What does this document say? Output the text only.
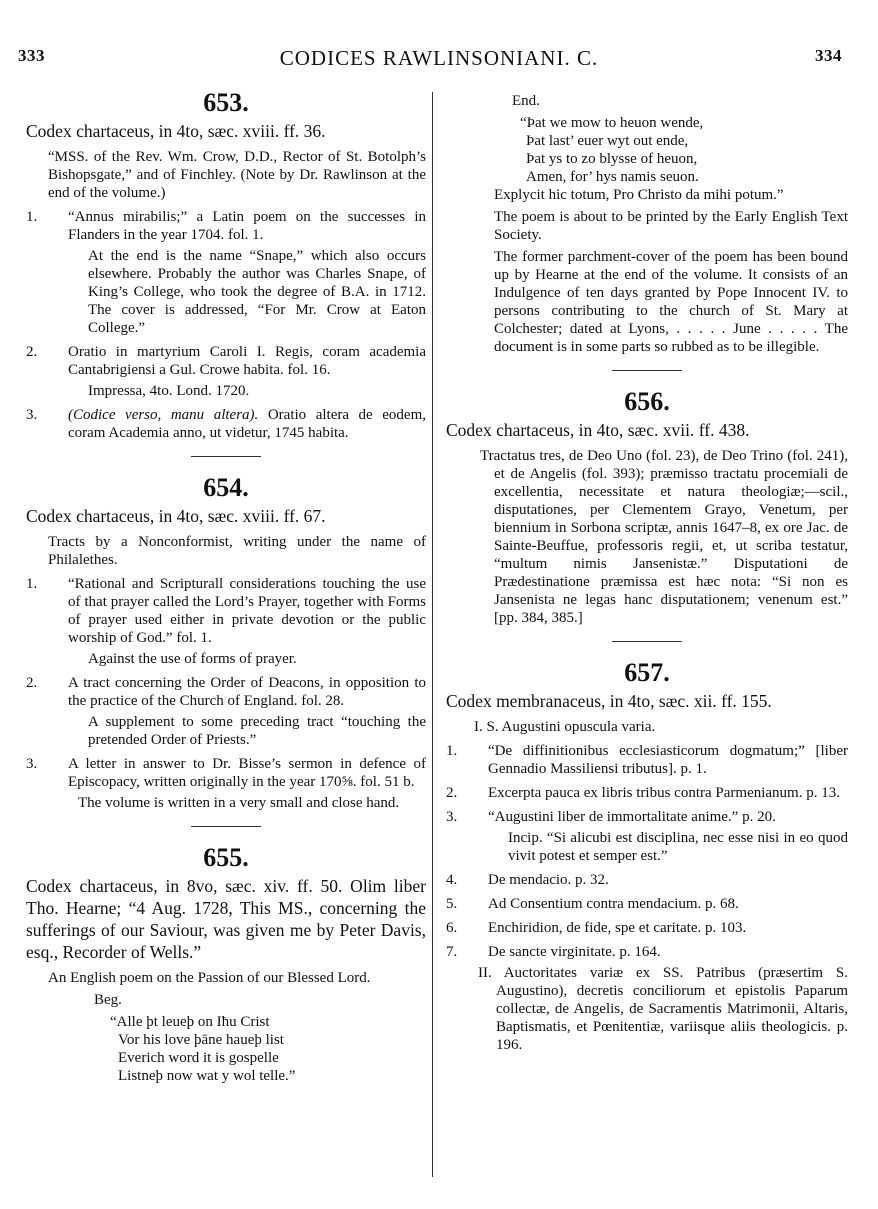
333	CODICES RAWLINSONIANI. C.	334

653.

Codex chartaceus, in 4to, sæc. xviii. ff. 36.

“MSS. of the Rev. Wm. Crow, D.D., Rector of St. Botolph’s Bishopsgate,” and of Finchley. (Note by Dr. Rawlinson at the end of the volume.)

1. “Annus mirabilis;” a Latin poem on the successes in Flanders in the year 1704. fol. 1.

At the end is the name “Snape,” which also occurs elsewhere. Probably the author was Charles Snape, of King’s College, who took the degree of B.A. in 1712. The cover is addressed, “For Mr. Crow at Eaton College.”

2. Oratio in martyrium Caroli I. Regis, coram academia Cantabrigiensi a Gul. Crowe habita. fol. 16.

Impressa, 4to. Lond. 1720.

3. (Codice verso, manu altera). Oratio altera de eodem, coram Academia anno, ut videtur, 1745 habita.

654.

Codex chartaceus, in 4to, sæc. xviii. ff. 67.

Tracts by a Nonconformist, writing under the name of Philalethes.

1. “Rational and Scripturall considerations touching the use of that prayer called the Lord’s Prayer, together with Forms of prayer used either in private devotion or the public worship of God.” fol. 1.

Against the use of forms of prayer.

2. A tract concerning the Order of Deacons, in opposition to the practice of the Church of England. fol. 28.

A supplement to some preceding tract “touching the pretended Order of Priests.”

3. A letter in answer to Dr. Bisse’s sermon in defence of Episcopacy, written originally in the year 170⅝. fol. 51 b.

The volume is written in a very small and close hand.

655.

Codex chartaceus, in 8vo, sæc. xiv. ff. 50. Olim liber Tho. Hearne; “4 Aug. 1728, This MS., concerning the sufferings of our Saviour, was given me by Peter Davis, esq., Recorder of Wells.”

An English poem on the Passion of our Blessed Lord.

Beg.

“Alle þt leueþ on Iħu Crist

Vor his love þāne haueþ list

Everich word it is gospelle

Listneþ now wat y wol telle.”

End.

“Þat we mow to heuon wende,

Þat last’ euer wyt out ende,

Þat ys to zo blysse of heuon,

Amen, for’ hys namis seuon.

Explycit hic totum, Pro Christo da mihi potum.”

The poem is about to be printed by the Early English Text Society.

The former parchment-cover of the poem has been bound up by Hearne at the end of the volume. It consists of an Indulgence of ten days granted by Pope Innocent IV. to persons contributing to the church of St. Mary at Colchester; dated at Lyons, . . . . . June . . . . . The document is in some parts so rubbed as to be illegible.

656.

Codex chartaceus, in 4to, sæc. xvii. ff. 438.

Tractatus tres, de Deo Uno (fol. 23), de Deo Trino (fol. 241), et de Angelis (fol. 393); præmisso tractatu procemiali de excellentia, necessitate et natura theologiæ;—scil., disputationes, per Clementem Grayo, Venetum, per biennium in Sorbona scriptæ, annis 1647–8, ex ore Jac. de Sainte-Beuffue, professoris regii, et, ut scriba testatur, “multum nimis Jansenistæ.” Disputationi de Prædestinatione præmissa est hæc nota: “Si non es Jansenista ne legas hanc disputationem; venenum est.” [pp. 384, 385.]

657.

Codex membranaceus, in 4to, sæc. xii. ff. 155.

I. S. Augustini opuscula varia.

1. “De diffinitionibus ecclesiasticorum dogmatum;” [liber Gennadio Massiliensi tributus]. p. 1.

2. Excerpta pauca ex libris tribus contra Parmenianum. p. 13.

3. “Augustini liber de immortalitate anime.” p. 20.

Incip. “Si alicubi est disciplina, nec esse nisi in eo quod vivit potest et semper est.”

4. De mendacio. p. 32.

5. Ad Consentium contra mendacium. p. 68.

6. Enchiridion, de fide, spe et caritate. p. 103.

7. De sancte virginitate. p. 164.

II. Auctoritates variæ ex SS. Patribus (præsertim S. Augustino), decretis conciliorum et epistolis Paparum collectæ, de Angelis, de Sacramentis Matrimonii, Altaris, Baptismatis, et Pœnitentiæ, variisque aliis theologicis. p. 196.
